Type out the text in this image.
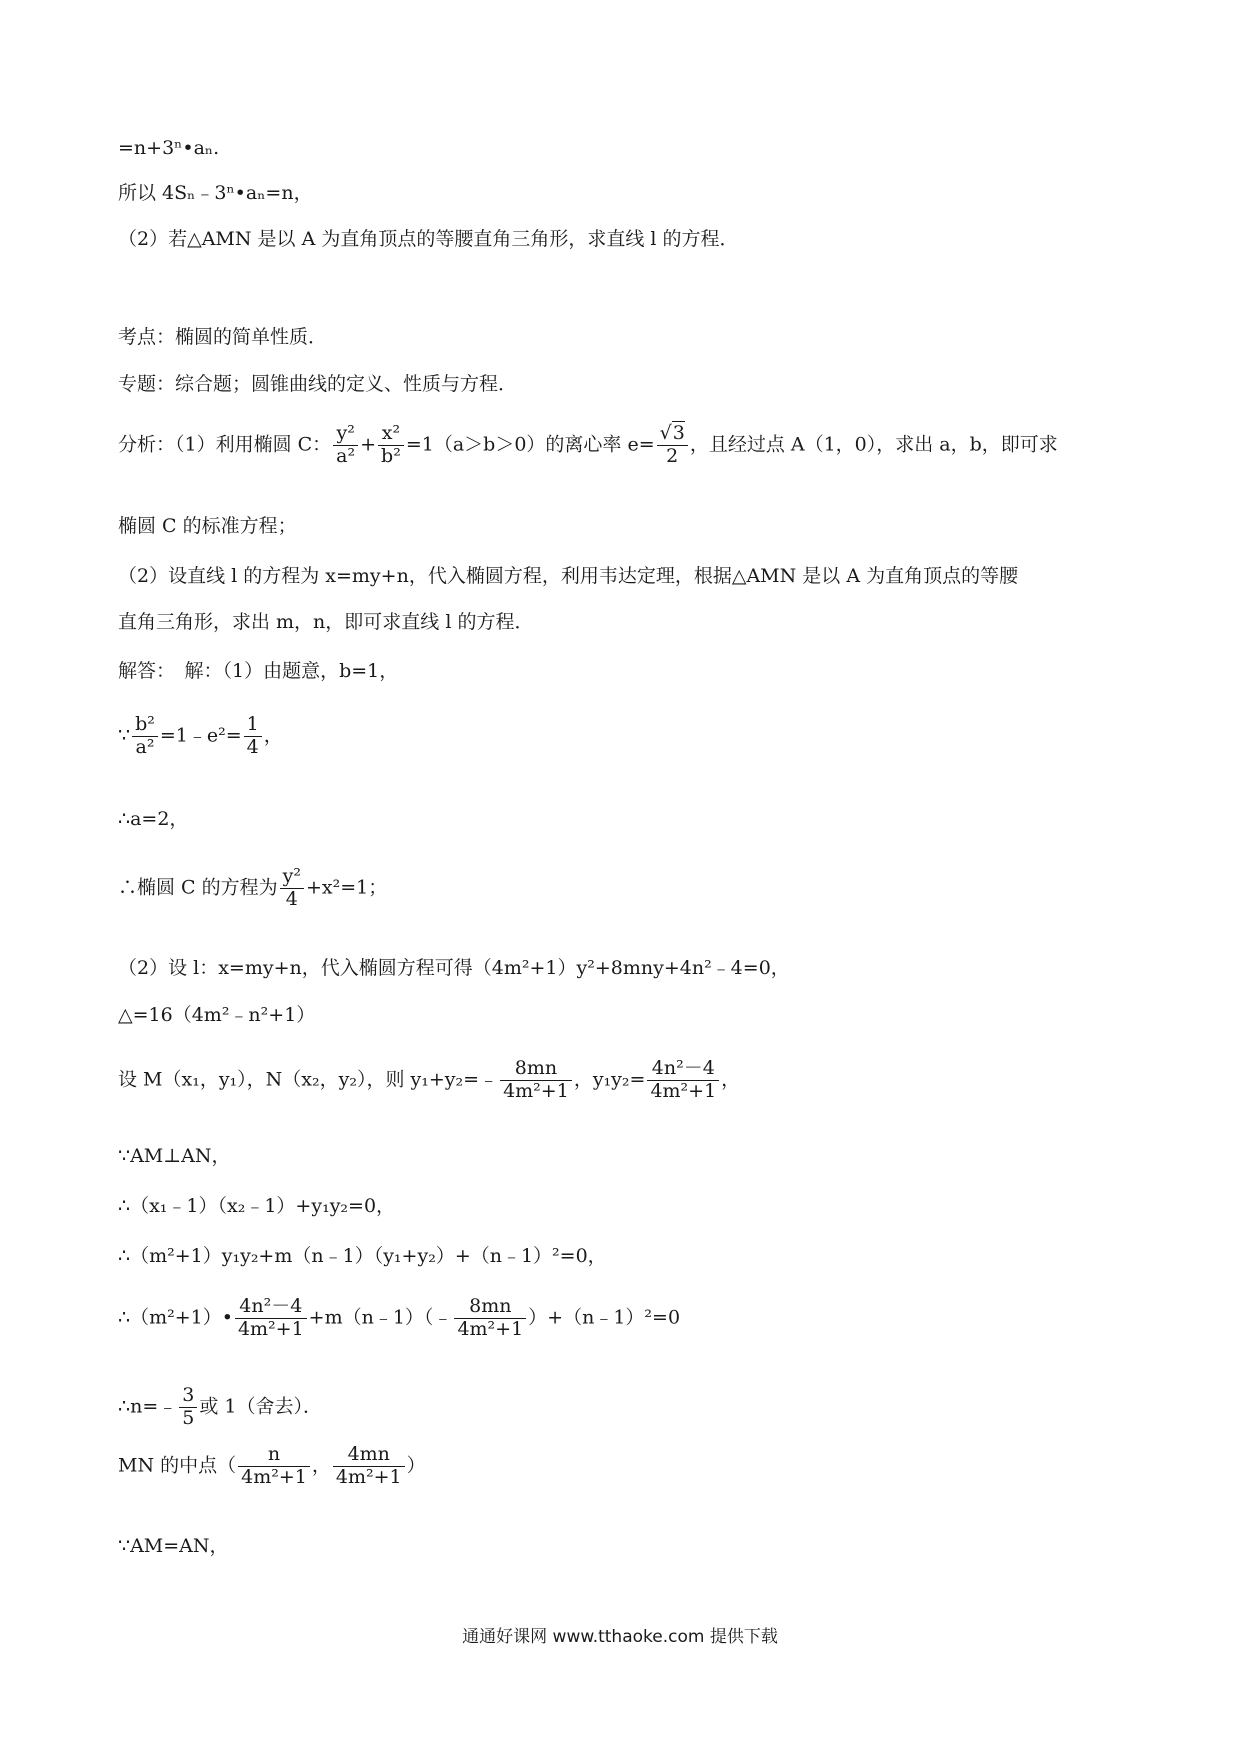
=n+3ⁿ•aₙ.
所以 4Sₙ﹣3ⁿ•aₙ=n，
（2）若△AMN 是以 A 为直角顶点的等腰直角三角形，求直线 l 的方程．
考点：椭圆的简单性质．
专题：综合题；圆锥曲线的定义、性质与方程．
分析：（1）利用椭圆 C： $\frac{\text{y²}}{\text{a²}} + \frac{\text{x²}}{\text{b²}} =1(a>b>0)$的离心率 $e= \frac{√3}{2}$ ，且经过点 A（1，0），求出 a，b，即可求
椭圆 C 的标准方程；
（2）设直线 l 的方程为 x=my+n，代入椭圆方程，利用韦达定理，根据△AMN 是以 A 为直角顶点的等腰
直角三角形，求出 m，n，即可求直线 l 的方程．
解答：　解：（1）由题意，b=1，
∵ $\frac{\text{b²}}{\text{a²}}$ =1﹣e²= $\frac{1}{4}$ ，
∴a=2，
∴椭圆 C 的方程为 $\frac{\text{y²}}{4} +x^2=1$；
（2）设 l：x=my+n，代入椭圆方程可得（4m²+1）y²+8mny+4n²﹣4=0，
△=16（4m²﹣n²+1）
设 M（x₁，y₁），N（x₂，y₂），则 y₁+y₂=﹣ $\frac{8mn}{\text{4m²+1}}$ ，$y_1y_2= \frac{\text{4n²－4}}{\text{4m²+1}}$ ，
∵AM⊥AN，
∴（x₁﹣1）（x₂﹣1）+y₁y₂=0，
∴（m²+1）y₁y₂+m（n﹣1）（y₁+y₂）+（n﹣1）²=0，
∴（m²+1）• $\frac{\text{4n²－4}}{\text{4m²+1}}$ +m（n﹣1）（﹣ $\frac{8mn}{\text{4m²+1}}$ ）+（n﹣1）²=0
∴n=﹣ $\frac{3}{5}$ 或 1（舍去）．
MN 的中点（ $\frac{n}{\text{4m²+1}}$ ， $\frac{4mn}{\text{4m²+1}}$ ）
∵AM=AN，
通通好课网 www.tthaoke.com 提供下载
